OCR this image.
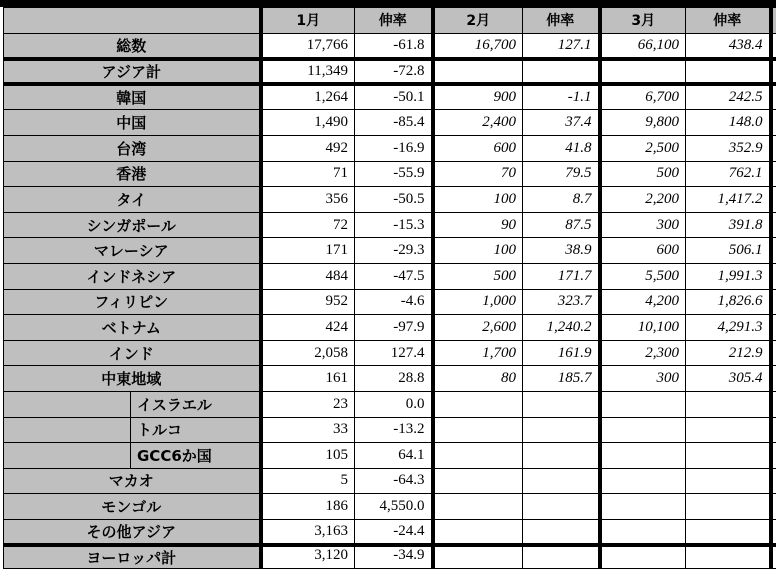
		1月	伸率	2月	伸率	3月	伸率	
総数		17,766	-61.8	16,700	127.1	66,100	438.4	
アジア計		11,349	-72.8					
韓国		1,264	-50.1	900	-1.1	6,700	242.5	
中国		1,490	-85.4	2,400	37.4	9,800	148.0	
台湾		492	-16.9	600	41.8	2,500	352.9	
香港		71	-55.9	70	79.5	500	762.1	
タイ		356	-50.5	100	8.7	2,200	1,417.2	
シンガポール		72	-15.3	90	87.5	300	391.8	
マレーシア		171	-29.3	100	38.9	600	506.1	
インドネシア		484	-47.5	500	171.7	5,500	1,991.3	
フィリピン		952	-4.6	1,000	323.7	4,200	1,826.6	
ベトナム		424	-97.9	2,600	1,240.2	10,100	4,291.3	
インド		2,058	127.4	1,700	161.9	2,300	212.9	
中東地域		161	28.8	80	185.7	300	305.4	
	イスラエル	23	0.0					
	トルコ	33	-13.2					
	GCC6か国	105	64.1					
マカオ		5	-64.3					
モンゴル		186	4,550.0					
その他アジア		3,163	-24.4					
ヨーロッパ計		3,120	-34.9					
